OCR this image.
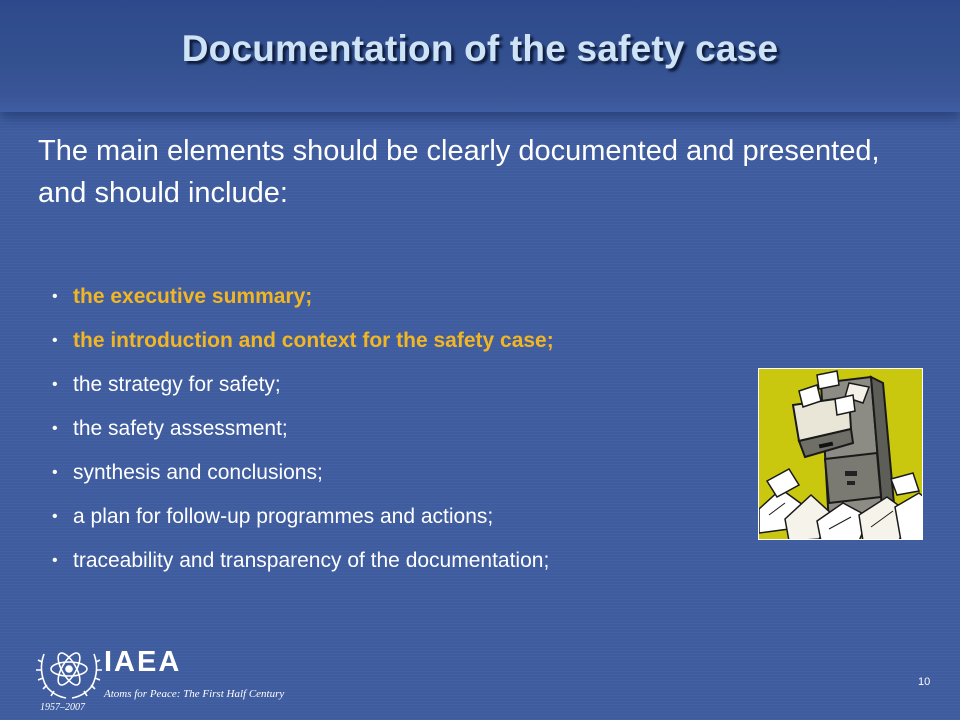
Documentation of the safety case
The main elements should be clearly documented and presented, and should include:
• the executive summary;
• the introduction and context for the safety case;
• the strategy for safety;
• the safety assessment;
• synthesis and conclusions;
• a plan for follow-up programmes and actions;
• traceability and transparency of the documentation;
IAEA
Atoms for Peace: The First Half Century
1957–2007
10
